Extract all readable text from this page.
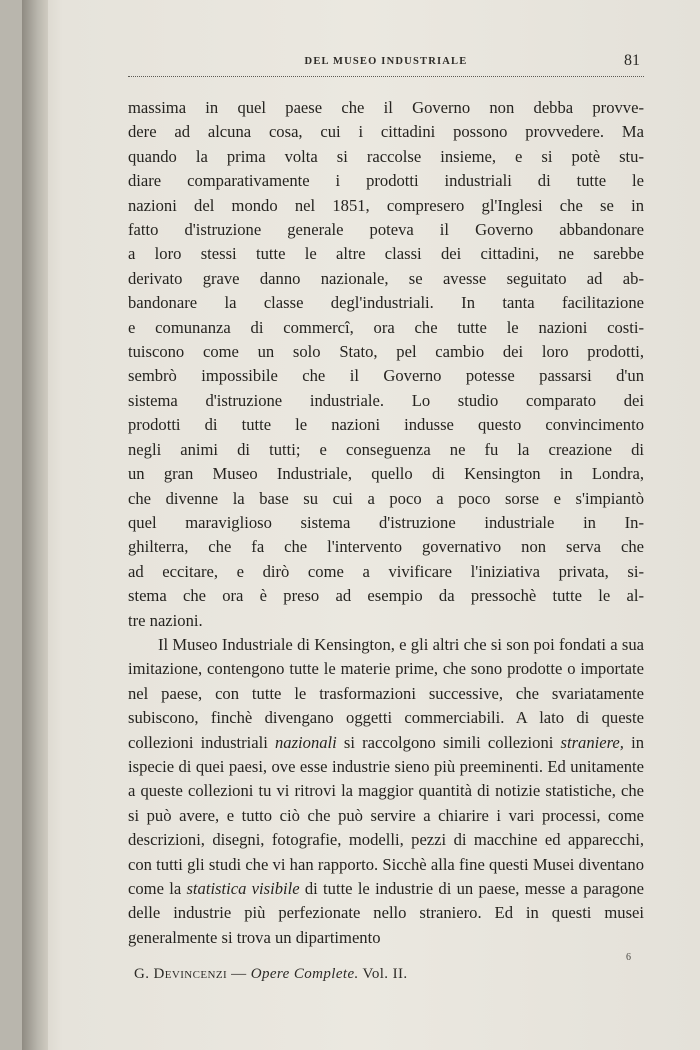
DEL MUSEO INDUSTRIALE	81

massima in quel paese che il Governo non debba provve-
dere ad alcuna cosa, cui i cittadini possono provvedere. Ma
quando la prima volta si raccolse insieme, e si potè stu-
diare comparativamente i prodotti industriali di tutte le
nazioni del mondo nel 1851, compresero gl'Inglesi che se in
fatto d'istruzione generale poteva il Governo abbandonare
a loro stessi tutte le altre classi dei cittadini, ne sarebbe
derivato grave danno nazionale, se avesse seguitato ad ab-
bandonare la classe degl'industriali. In tanta facilitazione
e comunanza di commercî, ora che tutte le nazioni costi-
tuiscono come un solo Stato, pel cambio dei loro prodotti,
sembrò impossibile che il Governo potesse passarsi d'un
sistema d'istruzione industriale. Lo studio comparato dei
prodotti di tutte le nazioni indusse questo convincimento
negli animi di tutti; e conseguenza ne fu la creazione di
un gran Museo Industriale, quello di Kensington in Londra,
che divenne la base su cui a poco a poco sorse e s'impiantò
quel maraviglioso sistema d'istruzione industriale in In-
ghilterra, che fa che l'intervento governativo non serva che
ad eccitare, e dirò come a vivificare l'iniziativa privata, si-
stema che ora è preso ad esempio da pressochè tutte le al-
tre nazioni.

Il Museo Industriale di Kensington, e gli altri che si son poi fondati a sua imitazione, contengono tutte le materie prime, che sono prodotte o importate nel paese, con tutte le trasformazioni successive, che svariatamente subiscono, finchè divengano oggetti commerciabili. A lato di queste collezioni industriali nazionali si raccolgono simili collezioni straniere, in ispecie di quei paesi, ove esse industrie sieno più preeminenti. Ed unitamente a queste collezioni tu vi ritrovi la maggior quantità di notizie statistiche, che si può avere, e tutto ciò che può servire a chiarire i vari processi, come descrizioni, disegni, fotografie, modelli, pezzi di macchine ed apparecchi, con tutti gli studi che vi han rapporto. Sicchè alla fine questi Musei diventano come la statistica visibile di tutte le industrie di un paese, messe a paragone delle industrie più perfezionate nello straniero. Ed in questi musei generalmente si trova un dipartimento

G. Devincenzi — Opere Complete. Vol. II.
6
